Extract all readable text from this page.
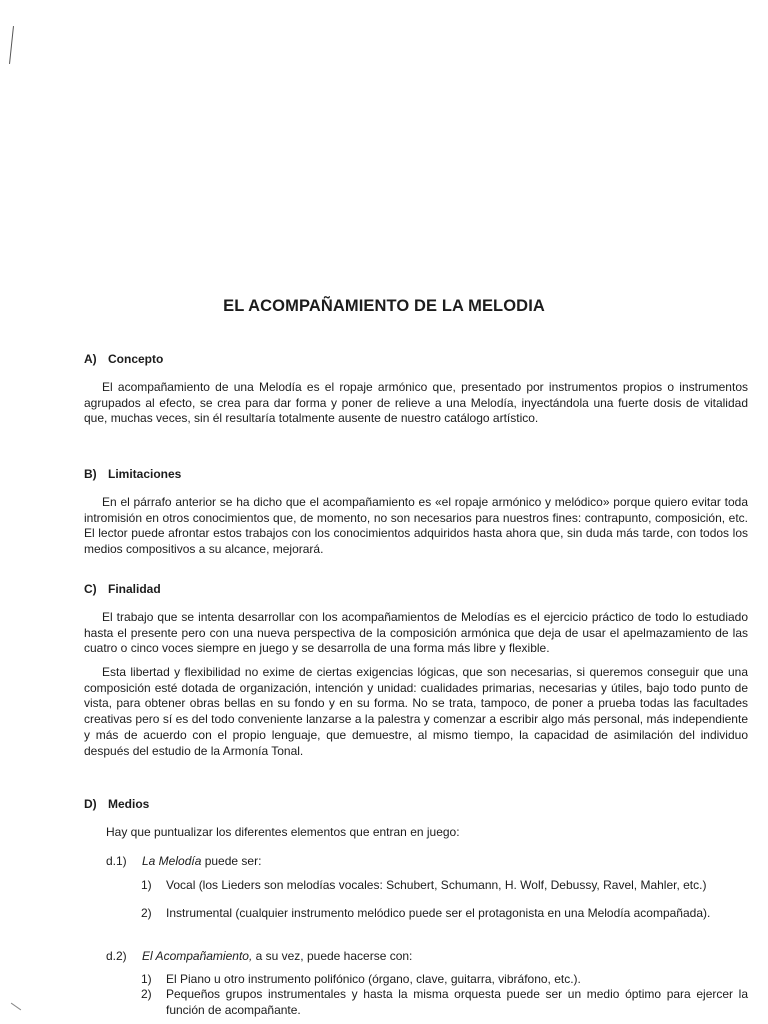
EL ACOMPAÑAMIENTO DE LA MELODIA
A) Concepto

El acompañamiento de una Melodía es el ropaje armónico que, presentado por instrumentos propios o instrumentos agrupados al efecto, se crea para dar forma y poner de relieve a una Melodía, inyectándola una fuerte dosis de vitalidad que, muchas veces, sin él resultaría totalmente ausente de nuestro catálogo artístico.

B) Limitaciones

En el párrafo anterior se ha dicho que el acompañamiento es «el ropaje armónico y melódico» porque quiero evitar toda intromisión en otros conocimientos que, de momento, no son necesarios para nuestros fines: contrapunto, composición, etc. El lector puede afrontar estos trabajos con los conocimientos adquiridos hasta ahora que, sin duda más tarde, con todos los medios compositivos a su alcance, mejorará.

C) Finalidad

El trabajo que se intenta desarrollar con los acompañamientos de Melodías es el ejercicio práctico de todo lo estudiado hasta el presente pero con una nueva perspectiva de la composición armónica que deja de usar el apelmazamiento de las cuatro o cinco voces siempre en juego y se desarrolla de una forma más libre y flexible.

Esta libertad y flexibilidad no exime de ciertas exigencias lógicas, que son necesarias, si queremos conseguir que una composición esté dotada de organización, intención y unidad: cualidades primarias, necesarias y útiles, bajo todo punto de vista, para obtener obras bellas en su fondo y en su forma. No se trata, tampoco, de poner a prueba todas las facultades creativas pero sí es del todo conveniente lanzarse a la palestra y comenzar a escribir algo más personal, más independiente y más de acuerdo con el propio lenguaje, que demuestre, al mismo tiempo, la capacidad de asimilación del individuo después del estudio de la Armonía Tonal.

D) Medios

Hay que puntualizar los diferentes elementos que entran en juego:

d.1) La Melodía puede ser:
1) Vocal (los Lieders son melodías vocales: Schubert, Schumann, H. Wolf, Debussy, Ravel, Mahler, etc.)
2) Instrumental (cualquier instrumento melódico puede ser el protagonista en una Melodía acompañada).
d.2) El Acompañamiento, a su vez, puede hacerse con:
1) El Piano u otro instrumento polifónico (órgano, clave, guitarra, vibráfono, etc.).
2) Pequeños grupos instrumentales y hasta la misma orquesta puede ser un medio óptimo para ejercer la función de acompañante.
